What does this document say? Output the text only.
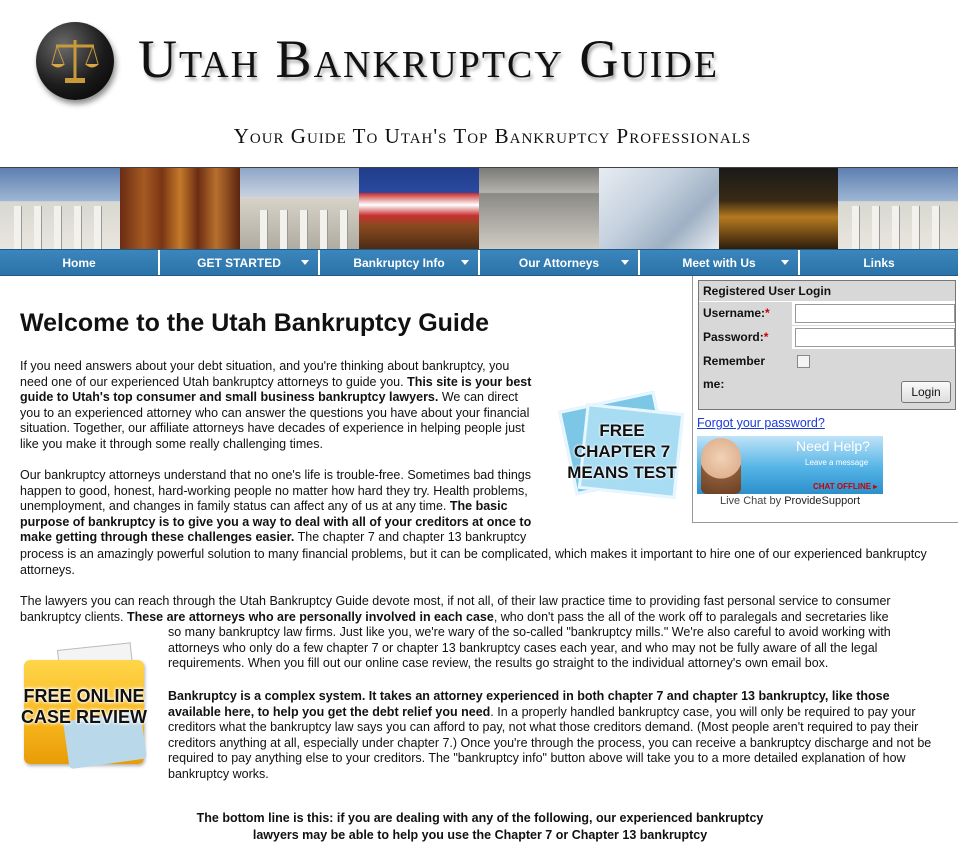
Utah Bankruptcy Guide
Your Guide To Utah's Top Bankruptcy Professionals
Home	GET STARTED	Bankruptcy Info	Our Attorneys	Meet with Us	Links
Registered User Login
Username:*
Password:*
Remember me:
Login
Forgot your password?
Need Help?
Leave a message
CHAT OFFLINE ▸
Live Chat by ProvideSupport
Welcome to the Utah Bankruptcy Guide

If you need answers about your debt situation, and you're thinking about bankruptcy, you need one of our experienced Utah bankruptcy attorneys to guide you. This site is your best guide to Utah's top consumer and small business bankruptcy lawyers. We can direct you to an experienced attorney who can answer the questions you have about your financial situation. Together, our affiliate attorneys have decades of experience in helping people just like you make it through some really challenging times.

FREE
CHAPTER 7
MEANS TEST

Our bankruptcy attorneys understand that no one's life is trouble-free. Sometimes bad things happen to good, honest, hard-working people no matter how hard they try. Health problems, unemployment, and changes in family status can affect any of us at any time. The basic purpose of bankruptcy is to give you a way to deal with all of your creditors at once to make getting through these challenges easier. The chapter 7 and chapter 13 bankruptcy

process is an amazingly powerful solution to many financial problems, but it can be complicated, which makes it important to hire one of our experienced bankruptcy attorneys.

The lawyers you can reach through the Utah Bankruptcy Guide devote most, if not all, of their law practice time to providing fast personal service to consumer bankruptcy clients. These are attorneys who are personally involved in each case, who don't pass the all of the work off to paralegals and secretaries like

so many bankruptcy law firms. Just like you, we're wary of the so-called "bankruptcy mills." We're also careful to avoid working with attorneys who only do a few chapter 7 or chapter 13 bankruptcy cases each year, and who may not be fully aware of all the legal requirements. When you fill out our online case review, the results go straight to the individual attorney's own email box.

FREE ONLINE
CASE REVIEW

Bankruptcy is a complex system. It takes an attorney experienced in both chapter 7 and chapter 13 bankruptcy, like those available here, to help you get the debt relief you need. In a properly handled bankruptcy case, you will only be required to pay your creditors what the bankruptcy law says you can afford to pay, not what those creditors demand. (Most people aren't required to pay their creditors anything at all, especially under chapter 7.) Once you're through the process, you can receive a bankruptcy discharge and not be required to pay anything else to your creditors. The "bankruptcy info" button above will take you to a more detailed explanation of how bankruptcy works.

The bottom line is this: if you are dealing with any of the following, our experienced bankruptcy lawyers may be able to help you use the Chapter 7 or Chapter 13 bankruptcy
